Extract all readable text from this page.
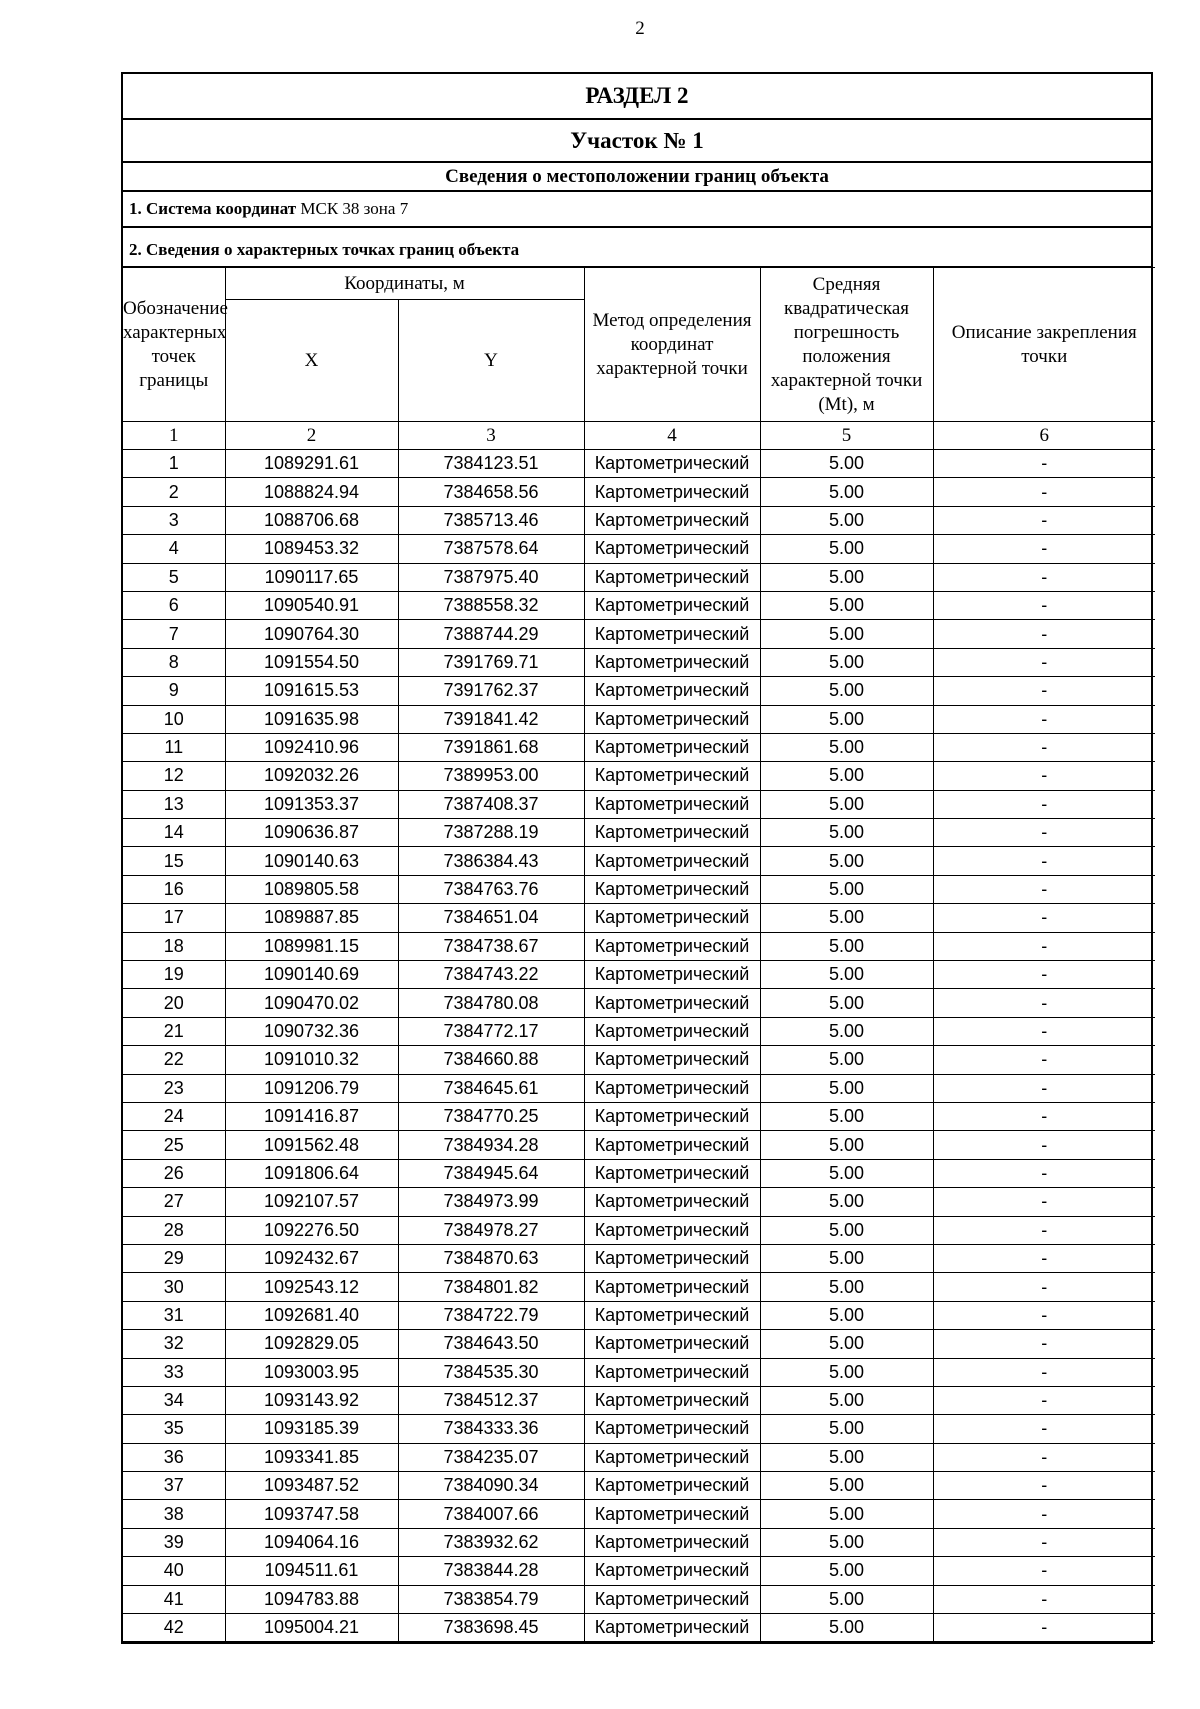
2
РАЗДЕЛ 2
Участок № 1
Сведения о местоположении границ объекта
1. Система координат МСК 38 зона 7
2. Сведения о характерных точках границ объекта
Обозначение характерных точек границы	Координаты, м		Метод определения координат характерной точки	Средняя квадратическая погрешность положения характерной точки (Mt), м	Описание закрепления точки
	X	Y			
1	2	3	4	5	6
1	1089291.61	7384123.51	Картометрический	5.00	-
2	1088824.94	7384658.56	Картометрический	5.00	-
3	1088706.68	7385713.46	Картометрический	5.00	-
4	1089453.32	7387578.64	Картометрический	5.00	-
5	1090117.65	7387975.40	Картометрический	5.00	-
6	1090540.91	7388558.32	Картометрический	5.00	-
7	1090764.30	7388744.29	Картометрический	5.00	-
8	1091554.50	7391769.71	Картометрический	5.00	-
9	1091615.53	7391762.37	Картометрический	5.00	-
10	1091635.98	7391841.42	Картометрический	5.00	-
11	1092410.96	7391861.68	Картометрический	5.00	-
12	1092032.26	7389953.00	Картометрический	5.00	-
13	1091353.37	7387408.37	Картометрический	5.00	-
14	1090636.87	7387288.19	Картометрический	5.00	-
15	1090140.63	7386384.43	Картометрический	5.00	-
16	1089805.58	7384763.76	Картометрический	5.00	-
17	1089887.85	7384651.04	Картометрический	5.00	-
18	1089981.15	7384738.67	Картометрический	5.00	-
19	1090140.69	7384743.22	Картометрический	5.00	-
20	1090470.02	7384780.08	Картометрический	5.00	-
21	1090732.36	7384772.17	Картометрический	5.00	-
22	1091010.32	7384660.88	Картометрический	5.00	-
23	1091206.79	7384645.61	Картометрический	5.00	-
24	1091416.87	7384770.25	Картометрический	5.00	-
25	1091562.48	7384934.28	Картометрический	5.00	-
26	1091806.64	7384945.64	Картометрический	5.00	-
27	1092107.57	7384973.99	Картометрический	5.00	-
28	1092276.50	7384978.27	Картометрический	5.00	-
29	1092432.67	7384870.63	Картометрический	5.00	-
30	1092543.12	7384801.82	Картометрический	5.00	-
31	1092681.40	7384722.79	Картометрический	5.00	-
32	1092829.05	7384643.50	Картометрический	5.00	-
33	1093003.95	7384535.30	Картометрический	5.00	-
34	1093143.92	7384512.37	Картометрический	5.00	-
35	1093185.39	7384333.36	Картометрический	5.00	-
36	1093341.85	7384235.07	Картометрический	5.00	-
37	1093487.52	7384090.34	Картометрический	5.00	-
38	1093747.58	7384007.66	Картометрический	5.00	-
39	1094064.16	7383932.62	Картометрический	5.00	-
40	1094511.61	7383844.28	Картометрический	5.00	-
41	1094783.88	7383854.79	Картометрический	5.00	-
42	1095004.21	7383698.45	Картометрический	5.00	-
